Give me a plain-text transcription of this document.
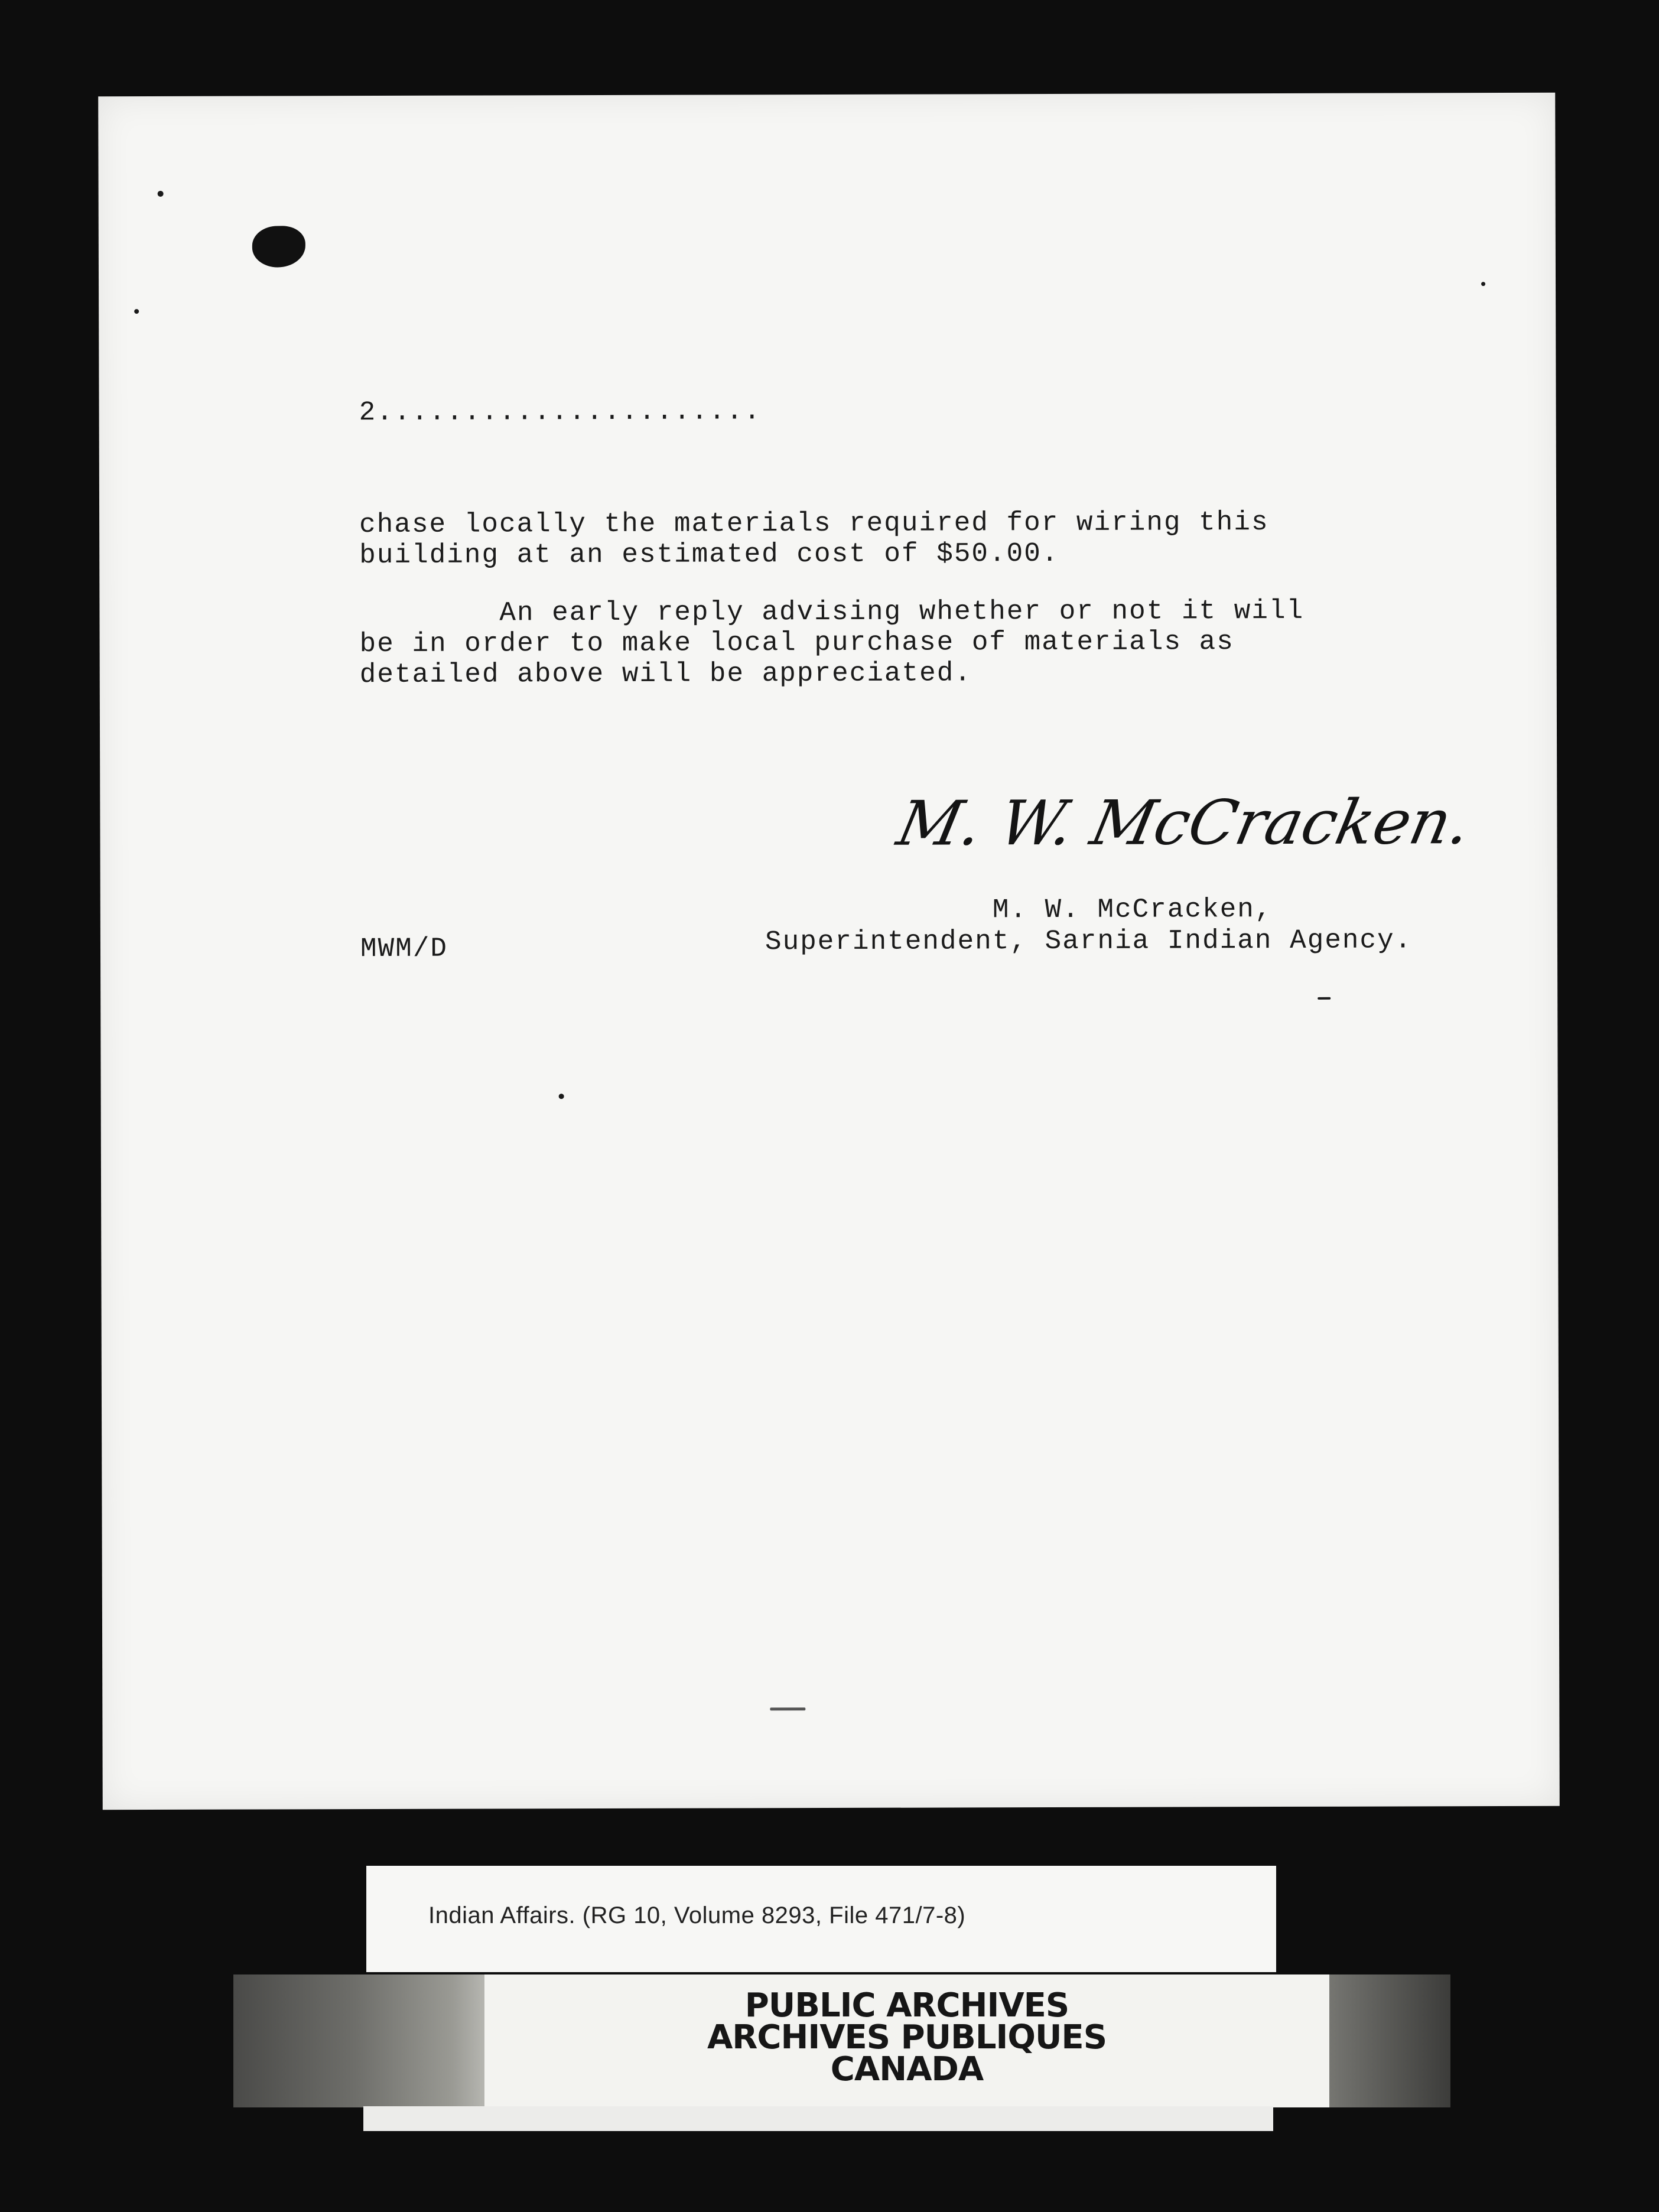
2......................
chase locally the materials required for wiring this
building at an estimated cost of $50.00.
An early reply advising whether or not it will
be in order to make local purchase of materials as
detailed above will be appreciated.
M. W. McCracken.
M. W. McCracken,
Superintendent, Sarnia Indian Agency.
MWM/D
Indian Affairs. (RG 10, Volume 8293, File 471/7-8)
PUBLIC ARCHIVES
ARCHIVES PUBLIQUES
CANADA
